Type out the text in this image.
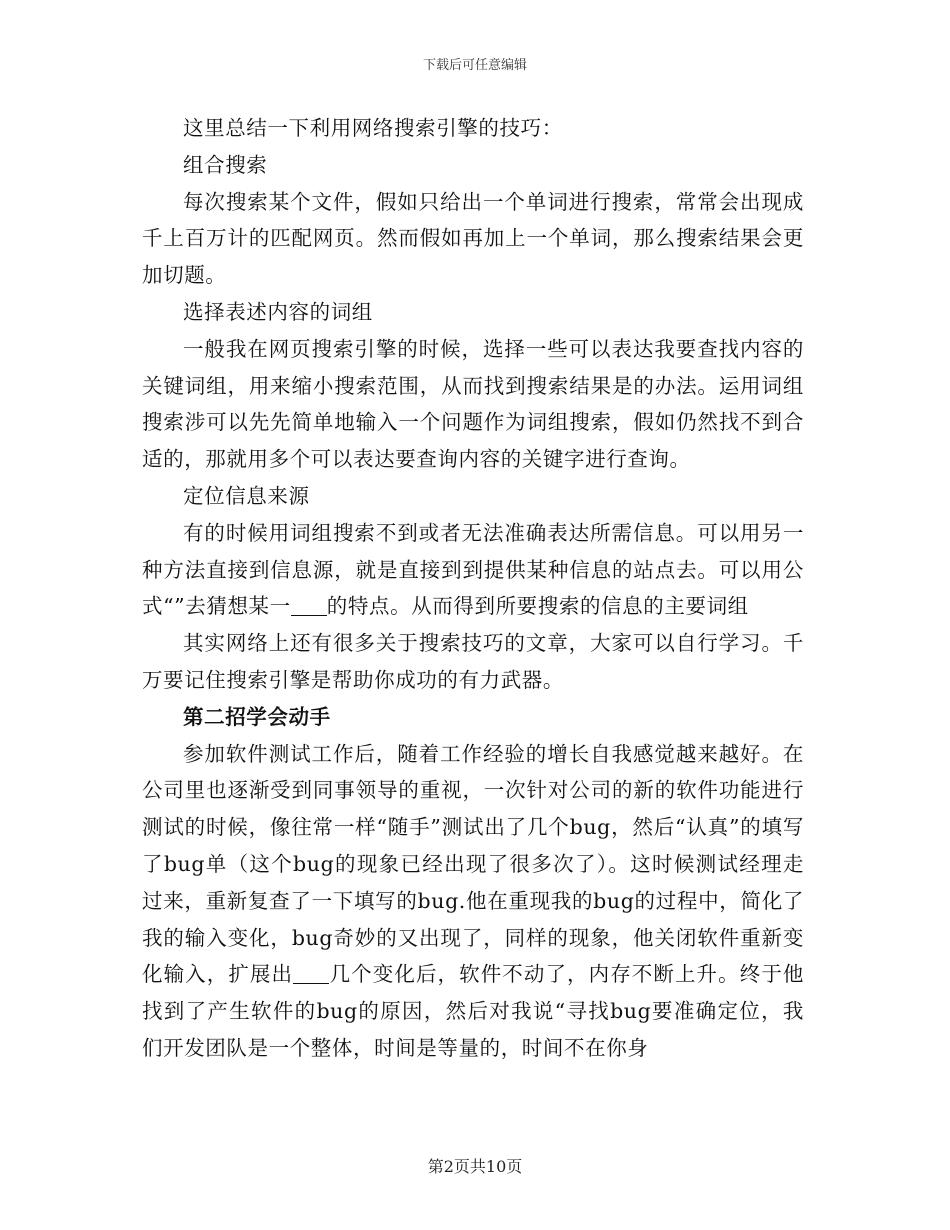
下载后可任意编辑

这里总结一下利用网络搜索引擎的技巧：

组合搜索

每次搜索某个文件，假如只给出一个单词进行搜索，常常会出现成千上百万计的匹配网页。然而假如再加上一个单词，那么搜索结果会更加切题。

选择表述内容的词组

一般我在网页搜索引擎的时候，选择一些可以表达我要查找内容的关键词组，用来缩小搜索范围，从而找到搜索结果是的办法。运用词组搜索涉可以先先简单地输入一个问题作为词组搜索，假如仍然找不到合适的，那就用多个可以表达要查询内容的关键字进行查询。

定位信息来源

有的时候用词组搜索不到或者无法准确表达所需信息。可以用另一种方法直接到信息源，就是直接到到提供某种信息的站点去。可以用公式“”去猜想某一 的特点。从而得到所要搜索的信息的主要词组

其实网络上还有很多关于搜索技巧的文章，大家可以自行学习。千万要记住搜索引擎是帮助你成功的有力武器。

第二招学会动手

参加软件测试工作后，随着工作经验的增长自我感觉越来越好。在公司里也逐渐受到同事领导的重视，一次针对公司的新的软件功能进行测试的时候，像往常一样“随手”测试出了几个bug，然后“认真”的填写了bug单（这个bug的现象已经出现了很多次了）。这时候测试经理走过来，重新复查了一下填写的bug.他在重现我的bug的过程中，简化了我的输入变化，bug奇妙的又出现了，同样的现象，他关闭软件重新变化输入，扩展出 几个变化后，软件不动了，内存不断上升。终于他找到了产生软件的bug的原因，然后对我说“寻找bug要准确定位，我们开发团队是一个整体，时间是等量的，时间不在你身

第2页共10页
